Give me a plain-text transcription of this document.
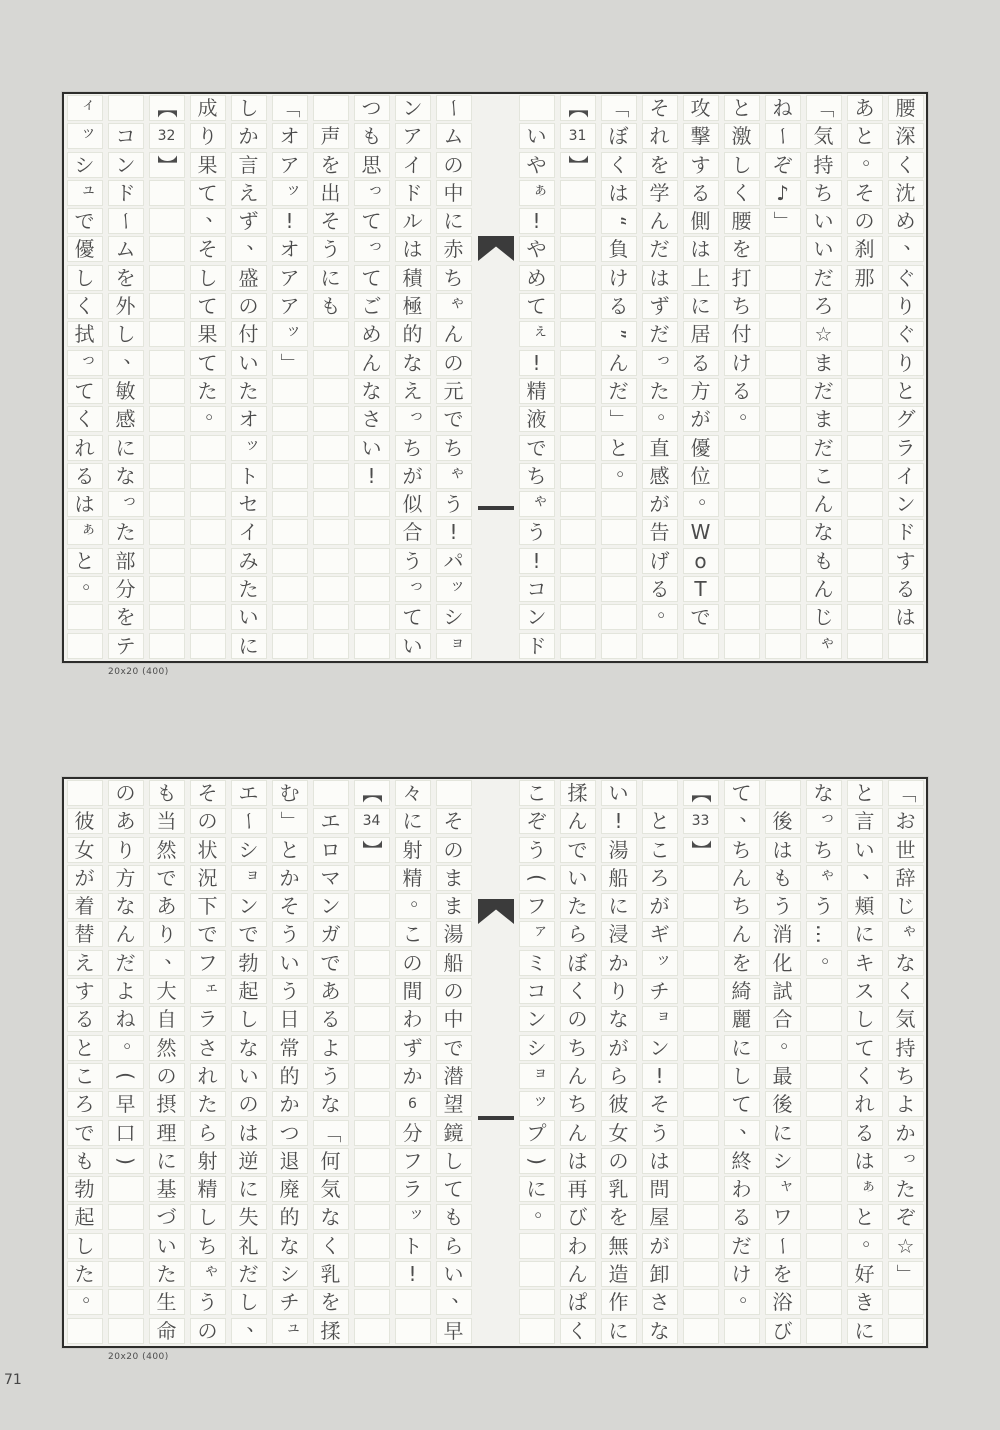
腰
深
く
沈
め
、
ぐ
り
ぐ
り
と
グ
ラ
イ
ン
ド
す
る
は
あ
と
。
そ
の
刹
那
「
気
持
ち
い
い
だ
ろ
☆
ま
だ
ま
だ
こ
ん
な
も
ん
じ
ゃ
ね
ー
ぞ
♪
」
と
激
し
く
腰
を
打
ち
付
け
る
。
攻
撃
す
る
側
は
上
に
居
る
方
が
優
位
。
W
o
T
で
そ
れ
を
学
ん
だ
は
ず
だ
っ
た
。
直
感
が
告
げ
る
。
「
ぼ
く
は
“
負
け
る
”
ん
だ
」
と
。
【
31
】
い
や
ぁ
!
や
め
て
ぇ
!
精
液
で
ち
ゃ
う
!
コ
ン
ド
ー
ム
の
中
に
赤
ち
ゃ
ん
の
元
で
ち
ゃ
う
!
パ
ッ
シ
ョ
ン
ア
イ
ド
ル
は
積
極
的
な
え
っ
ち
が
似
合
う
っ
て
い
つ
も
思
っ
て
っ
て
ご
め
ん
な
さ
い
!
声
を
出
そ
う
に
も
「
オ
ア
ッ
!
オ
ア
ア
ッ
」
し
か
言
え
ず
、
盛
の
付
い
た
オ
ッ
ト
セ
イ
み
た
い
に
成
り
果
て
、
そ
し
て
果
て
た
。
【
32
】
コ
ン
ド
ー
ム
を
外
し
、
敏
感
に
な
っ
た
部
分
を
テ
ィ
ッ
シ
ュ
で
優
し
く
拭
っ
て
く
れ
る
は
ぁ
と
。
20x20 (400)
「
お
世
辞
じ
ゃ
な
く
気
持
ち
よ
か
っ
た
ぞ
☆
」
と
言
い
、
頬
に
キ
ス
し
て
く
れ
る
は
ぁ
と
。
好
き
に
な
っ
ち
ゃ
う
…
。
後
は
も
う
消
化
試
合
。
最
後
に
シ
ャ
ワ
ー
を
浴
び
て
、
ち
ん
ち
ん
を
綺
麗
に
し
て
、
終
わ
る
だ
け
。
【
33
】
と
こ
ろ
が
ギ
ッ
チ
ョ
ン
!
そ
う
は
問
屋
が
卸
さ
な
い
!
湯
船
に
浸
か
り
な
が
ら
彼
女
の
乳
を
無
造
作
に
揉
ん
で
い
た
ら
ぼ
く
の
ち
ん
ち
ん
は
再
び
わ
ん
ぱ
く
こ
ぞ
う
(
フ
ァ
ミ
コ
ン
シ
ョ
ッ
プ
)
に
。
そ
の
ま
ま
湯
船
の
中
で
潜
望
鏡
し
て
も
ら
い
、
早
々
に
射
精
。
こ
の
間
わ
ず
か
6
分
フ
ラ
ッ
ト
!
【
34
】
エ
ロ
マ
ン
ガ
で
あ
る
よ
う
な
「
何
気
な
く
乳
を
揉
む
」
と
か
そ
う
い
う
日
常
的
か
つ
退
廃
的
な
シ
チ
ュ
エ
ー
シ
ョ
ン
で
勃
起
し
な
い
の
は
逆
に
失
礼
だ
し
、
そ
の
状
況
下
で
フ
ェ
ラ
さ
れ
た
ら
射
精
し
ち
ゃ
う
の
も
当
然
で
あ
り
、
大
自
然
の
摂
理
に
基
づ
い
た
生
命
の
あ
り
方
な
ん
だ
よ
ね
。
(
早
口
)
彼
女
が
着
替
え
す
る
と
こ
ろ
で
も
勃
起
し
た
。
20x20 (400)
71
